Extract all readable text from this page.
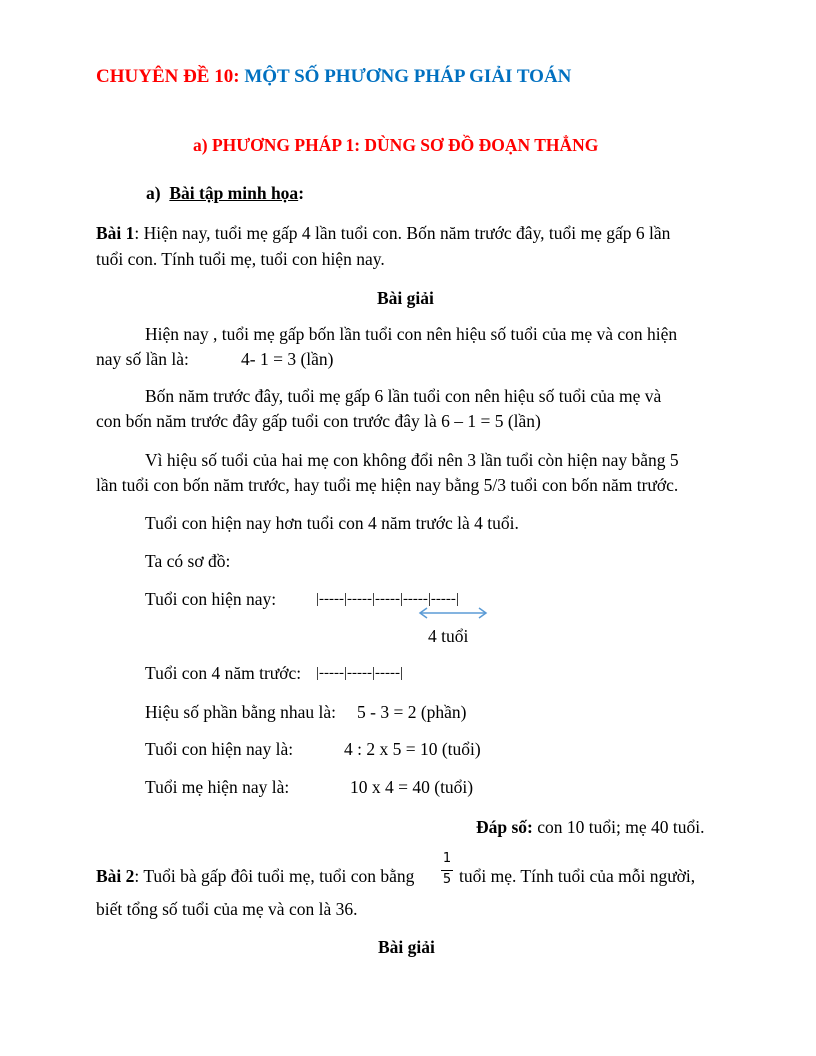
CHUYÊN ĐỀ 10: MỘT SỐ PHƯƠNG PHÁP GIẢI TOÁN
a) PHƯƠNG PHÁP 1: DÙNG SƠ ĐỒ ĐOẠN THẲNG
a) Bài tập minh họa:
Bài 1: Hiện nay, tuổi mẹ gấp 4 lần tuổi con. Bốn năm trước đây, tuổi mẹ gấp 6 lần
tuổi con. Tính tuổi mẹ, tuổi con hiện nay.
Bài giải
Hiện nay , tuổi mẹ gấp bốn lần tuổi con nên hiệu số tuổi của mẹ và con hiện
nay số lần là:	4- 1 = 3 (lần)
Bốn năm trước đây, tuổi mẹ gấp 6 lần tuổi con nên hiệu số tuổi của mẹ và
con bốn năm trước đây gấp tuổi con trước đây là 6 – 1 = 5 (lần)
Vì hiệu số tuổi của hai mẹ con không đổi nên 3 lần tuổi còn hiện nay bằng 5
lần tuổi con bốn năm trước, hay tuổi mẹ hiện nay bằng 5/3 tuổi con bốn năm trước.
Tuổi con hiện nay hơn tuổi con 4 năm trước là 4 tuổi.
Ta có sơ đồ:
Tuổi con hiện nay:	|-----|-----|-----|-----|-----|
4 tuổi
Tuổi con 4 năm trước: |-----|-----|-----|
Hiệu số phần bằng nhau là: 5 - 3 = 2 (phần)
Tuổi con hiện nay là:	4 : 2 x 5 = 10 (tuổi)
Tuổi mẹ hiện nay là:	10 x 4 = 40 (tuổi)
Đáp số: con 10 tuổi; mẹ 40 tuổi.
Bài 2: Tuổi bà gấp đôi tuổi mẹ, tuổi con bằng
1
5 tuổi mẹ. Tính tuổi của mỗi người,
biết tổng số tuổi của mẹ và con là 36.
Bài giải
